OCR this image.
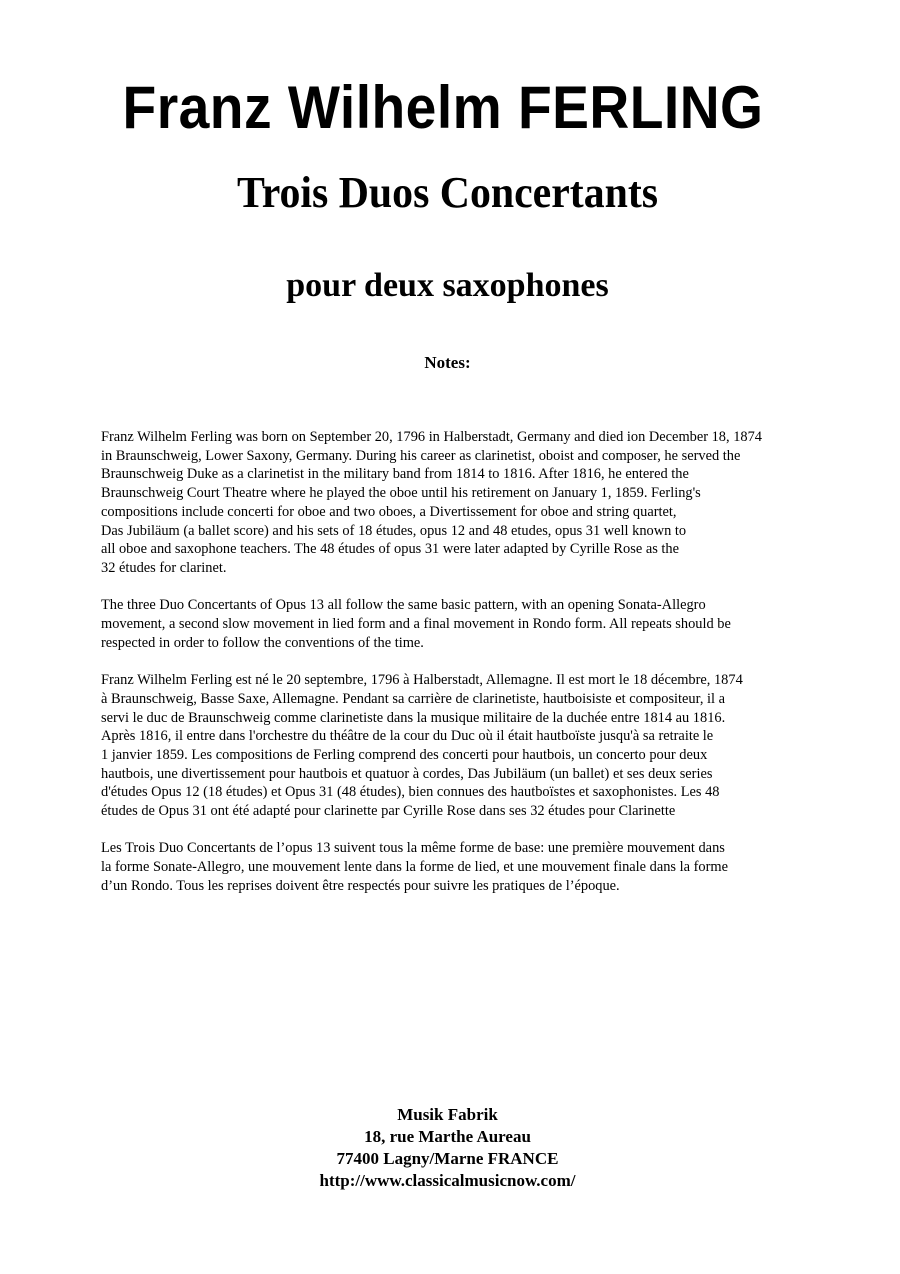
Franz Wilhelm FERLING
Trois Duos Concertants
pour deux saxophones
Notes:

Franz Wilhelm Ferling was born on September 20, 1796 in Halberstadt, Germany and died ion December 18, 1874
in Braunschweig, Lower Saxony, Germany. During his career as clarinetist, oboist and composer, he served the
Braunschweig Duke as a clarinetist in the military band from 1814 to 1816. After 1816, he entered the
Braunschweig Court Theatre where he played the oboe until his retirement on January 1, 1859. Ferling's
compositions include concerti for oboe and two oboes, a Divertissement for oboe and string quartet,
Das Jubiläum (a ballet score) and his sets of 18 études, opus 12 and 48 etudes, opus 31 well known to
all oboe and saxophone teachers. The 48 études of opus 31 were later adapted by Cyrille Rose as the
32 études for clarinet.

The three Duo Concertants of Opus 13 all follow the same basic pattern, with an opening Sonata-Allegro
movement, a second slow movement in lied form and a final movement in Rondo form. All repeats should be
respected in order to follow the conventions of the time.

Franz Wilhelm Ferling est né le 20 septembre, 1796 à Halberstadt, Allemagne. Il est mort le 18 décembre, 1874
à Braunschweig, Basse Saxe, Allemagne. Pendant sa carrière de clarinetiste, hautboisiste et compositeur, il a
servi le duc de Braunschweig comme clarinetiste dans la musique militaire de la duchée entre 1814 au 1816.
Après 1816, il entre dans l'orchestre du théâtre de la cour du Duc où il était hautboïste jusqu'à sa retraite le
1 janvier 1859. Les compositions de Ferling comprend des concerti pour hautbois, un concerto pour deux
hautbois, une divertissement pour hautbois et quatuor à cordes, Das Jubiläum (un ballet) et ses deux series
d'études Opus 12 (18 études) et Opus 31 (48 études), bien connues des hautboïstes et saxophonistes. Les 48
études de Opus 31 ont été adapté pour clarinette par Cyrille Rose dans ses 32 études pour Clarinette

Les Trois Duo Concertants de l’opus 13 suivent tous la même forme de base: une première mouvement dans
la forme Sonate-Allegro, une mouvement lente dans la forme de lied, et une mouvement finale dans la forme
d’un Rondo. Tous les reprises doivent être respectés pour suivre les pratiques de l’époque.

Musik Fabrik
18, rue Marthe Aureau
77400 Lagny/Marne FRANCE
http://www.classicalmusicnow.com/
